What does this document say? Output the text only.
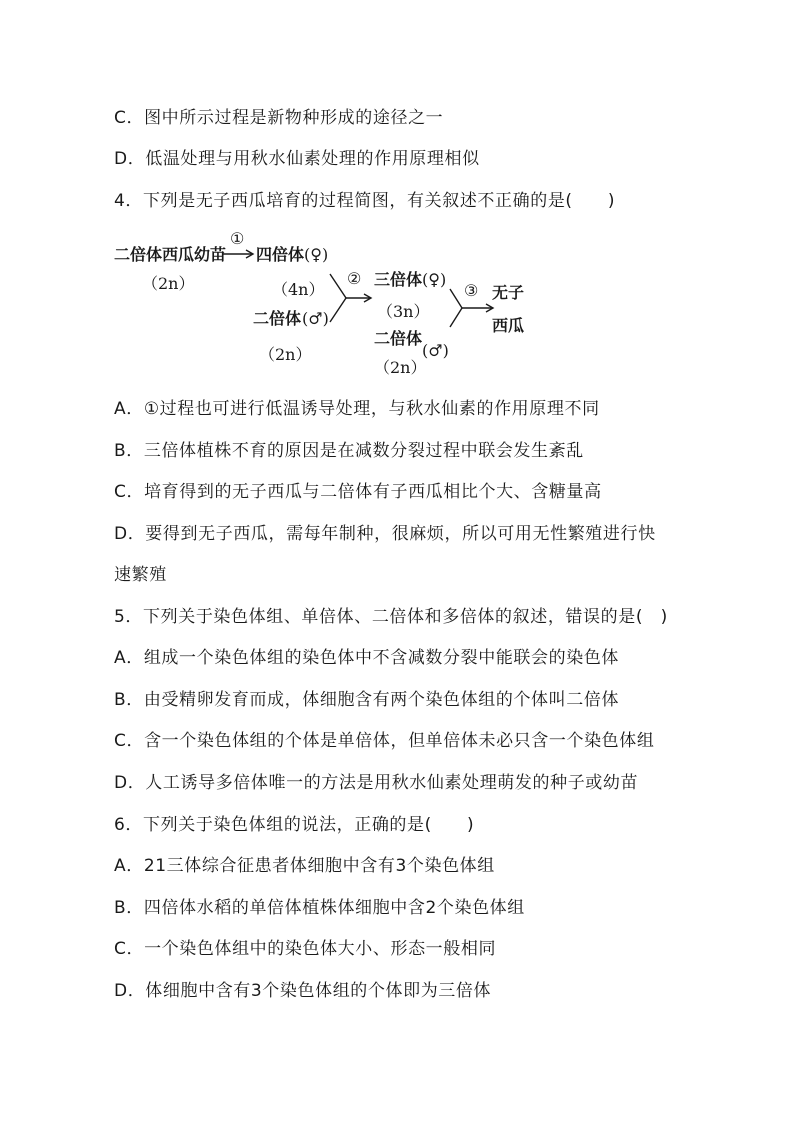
C．图中所示过程是新物种形成的途径之一
D．低温处理与用秋水仙素处理的作用原理相似
4．下列是无子西瓜培育的过程简图，有关叙述不正确的是(　　)
二倍体西瓜幼苗
（2n）
①
四倍体 (♀)
（4n）
二倍体 (♂)
（2n）
② 三倍体 (♀)
（3n）
二倍体
(♂)
（2n）
③ 无子
西瓜
A．①过程也可进行低温诱导处理，与秋水仙素的作用原理不同
B．三倍体植株不育的原因是在减数分裂过程中联会发生紊乱
C．培育得到的无子西瓜与二倍体有子西瓜相比个大、含糖量高
D．要得到无子西瓜，需每年制种，很麻烦，所以可用无性繁殖进行快
速繁殖
5．下列关于染色体组、单倍体、二倍体和多倍体的叙述，错误的是(　)
A．组成一个染色体组的染色体中不含减数分裂中能联会的染色体
B．由受精卵发育而成，体细胞含有两个染色体组的个体叫二倍体
C．含一个染色体组的个体是单倍体，但单倍体未必只含一个染色体组
D．人工诱导多倍体唯一的方法是用秋水仙素处理萌发的种子或幼苗
6．下列关于染色体组的说法，正确的是(　　)
A．21三体综合征患者体细胞中含有3个染色体组
B．四倍体水稻的单倍体植株体细胞中含2个染色体组
C．一个染色体组中的染色体大小、形态一般相同
D．体细胞中含有3个染色体组的个体即为三倍体
